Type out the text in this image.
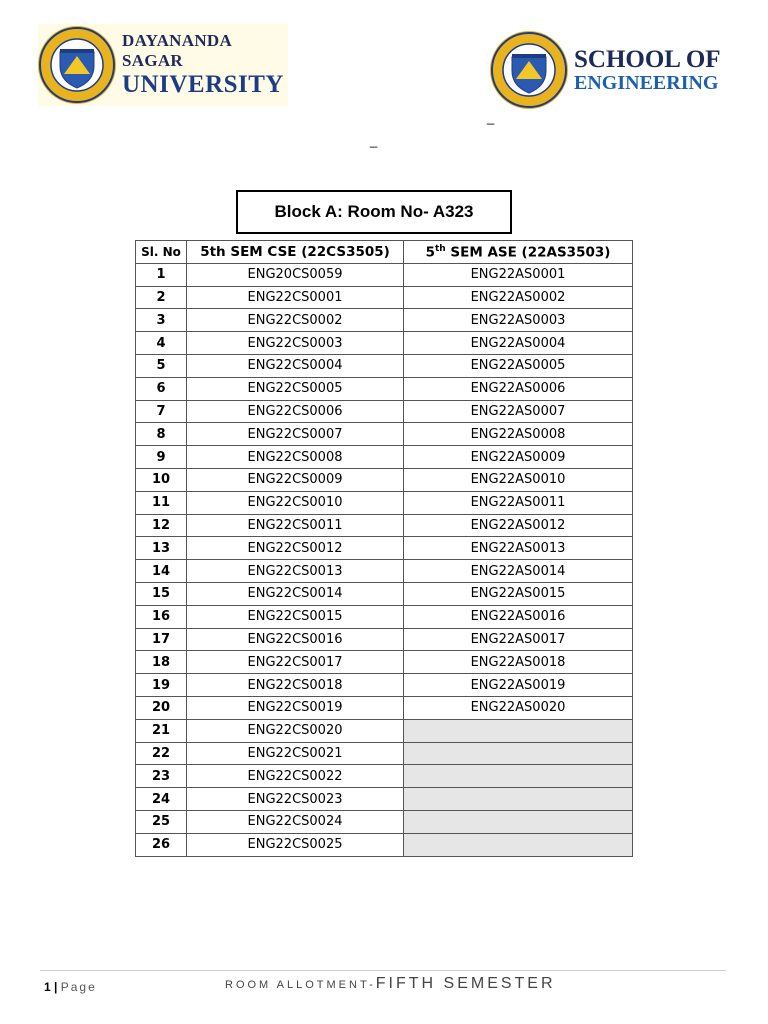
DAYANANDA SAGAR
UNIVERSITY
SCHOOL OF
ENGINEERING
_
_
Block A: Room No- A323
Sl. No	5th SEM CSE (22CS3505)	5th SEM ASE (22AS3503)
1	ENG20CS0059	ENG22AS0001
2	ENG22CS0001	ENG22AS0002
3	ENG22CS0002	ENG22AS0003
4	ENG22CS0003	ENG22AS0004
5	ENG22CS0004	ENG22AS0005
6	ENG22CS0005	ENG22AS0006
7	ENG22CS0006	ENG22AS0007
8	ENG22CS0007	ENG22AS0008
9	ENG22CS0008	ENG22AS0009
10	ENG22CS0009	ENG22AS0010
11	ENG22CS0010	ENG22AS0011
12	ENG22CS0011	ENG22AS0012
13	ENG22CS0012	ENG22AS0013
14	ENG22CS0013	ENG22AS0014
15	ENG22CS0014	ENG22AS0015
16	ENG22CS0015	ENG22AS0016
17	ENG22CS0016	ENG22AS0017
18	ENG22CS0017	ENG22AS0018
19	ENG22CS0018	ENG22AS0019
20	ENG22CS0019	ENG22AS0020
21	ENG22CS0020	
22	ENG22CS0021	
23	ENG22CS0022	
24	ENG22CS0023	
25	ENG22CS0024	
26	ENG22CS0025	
1 | Page	ROOM ALLOTMENT-FIFTH SEMESTER
